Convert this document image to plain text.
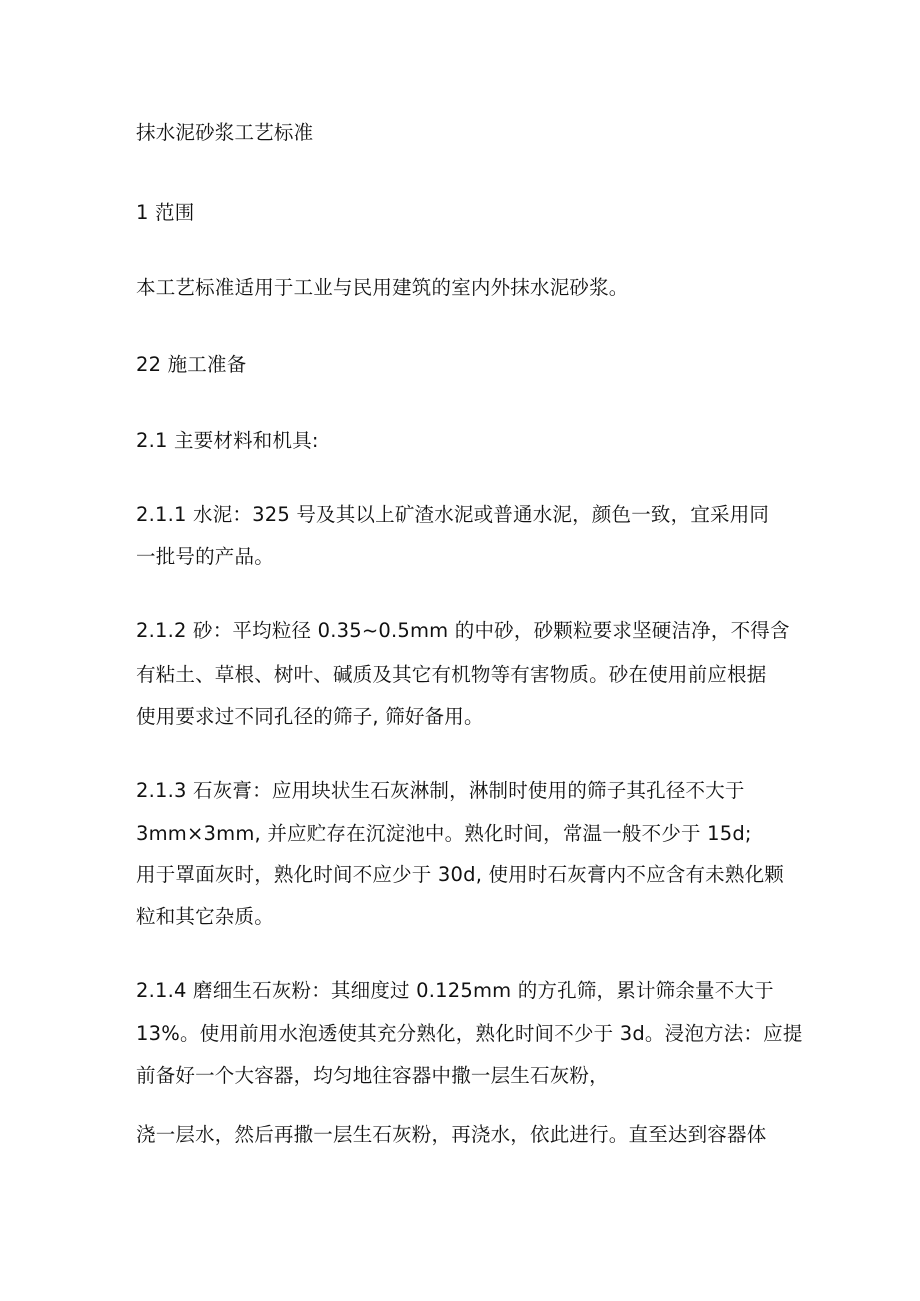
抹水泥砂浆工艺标准
1 范围
本工艺标准适用于工业与民用建筑的室内外抹水泥砂浆。
22 施工准备
2.1 主要材料和机具:
2.1.1 水泥：325 号及其以上矿渣水泥或普通水泥，颜色一致，宜采用同
一批号的产品。
2.1.2 砂：平均粒径 0.35~0.5mm 的中砂，砂颗粒要求坚硬洁净，不得含
有粘土、草根、树叶、碱质及其它有机物等有害物质。砂在使用前应根据
使用要求过不同孔径的筛子, 筛好备用。
2.1.3 石灰膏：应用块状生石灰淋制，淋制时使用的筛子其孔径不大于
3mm×3mm, 并应贮存在沉淀池中。熟化时间，常温一般不少于 15d;
用于罩面灰时，熟化时间不应少于 30d, 使用时石灰膏内不应含有未熟化颗
粒和其它杂质。
2.1.4 磨细生石灰粉：其细度过 0.125mm 的方孔筛，累计筛余量不大于
13%。使用前用水泡透使其充分熟化，熟化时间不少于 3d。浸泡方法：应提
前备好一个大容器，均匀地往容器中撒一层生石灰粉，
浇一层水，然后再撒一层生石灰粉，再浇水，依此进行。直至达到容器体
